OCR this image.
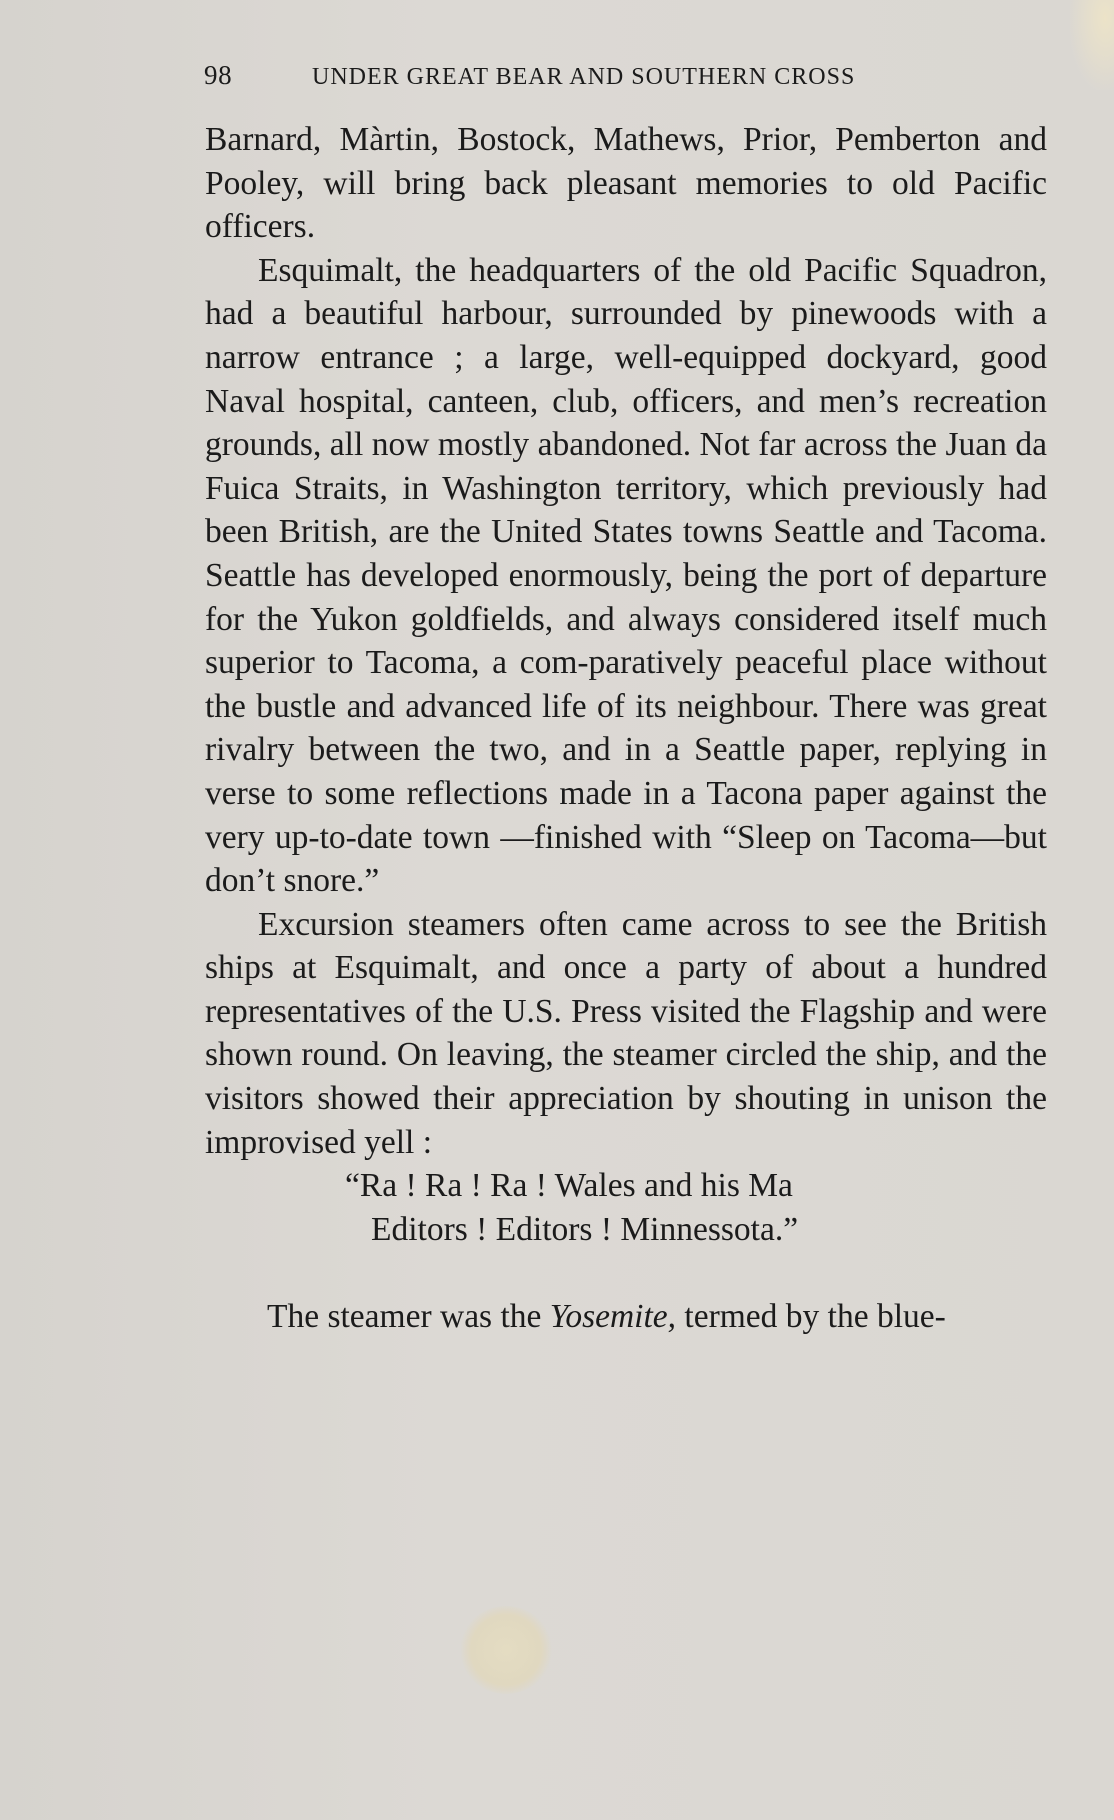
98	UNDER GREAT BEAR AND SOUTHERN CROSS

Barnard, Màrtin, Bostock, Mathews, Prior, Pemberton and Pooley, will bring back pleasant memories to old Pacific officers.

Esquimalt, the headquarters of the old Pacific Squadron, had a beautiful harbour, surrounded by pinewoods with a narrow entrance ; a large, well-equipped dockyard, good Naval hospital, canteen, club, officers, and men’s recreation grounds, all now mostly abandoned. Not far across the Juan da Fuica Straits, in Washington territory, which previously had been British, are the United States towns Seattle and Tacoma. Seattle has developed enormously, being the port of departure for the Yukon goldfields, and always considered itself much superior to Tacoma, a com-paratively peaceful place without the bustle and advanced life of its neighbour. There was great rivalry between the two, and in a Seattle paper, replying in verse to some reflections made in a Tacona paper against the very up-to-date town —finished with “Sleep on Tacoma—but don’t snore.”

Excursion steamers often came across to see the British ships at Esquimalt, and once a party of about a hundred representatives of the U.S. Press visited the Flagship and were shown round. On leaving, the steamer circled the ship, and the visitors showed their appreciation by shouting in unison the improvised yell :

“Ra ! Ra ! Ra ! Wales and his Ma
Editors ! Editors ! Minnessota.”

The steamer was the Yosemite, termed by the blue-
